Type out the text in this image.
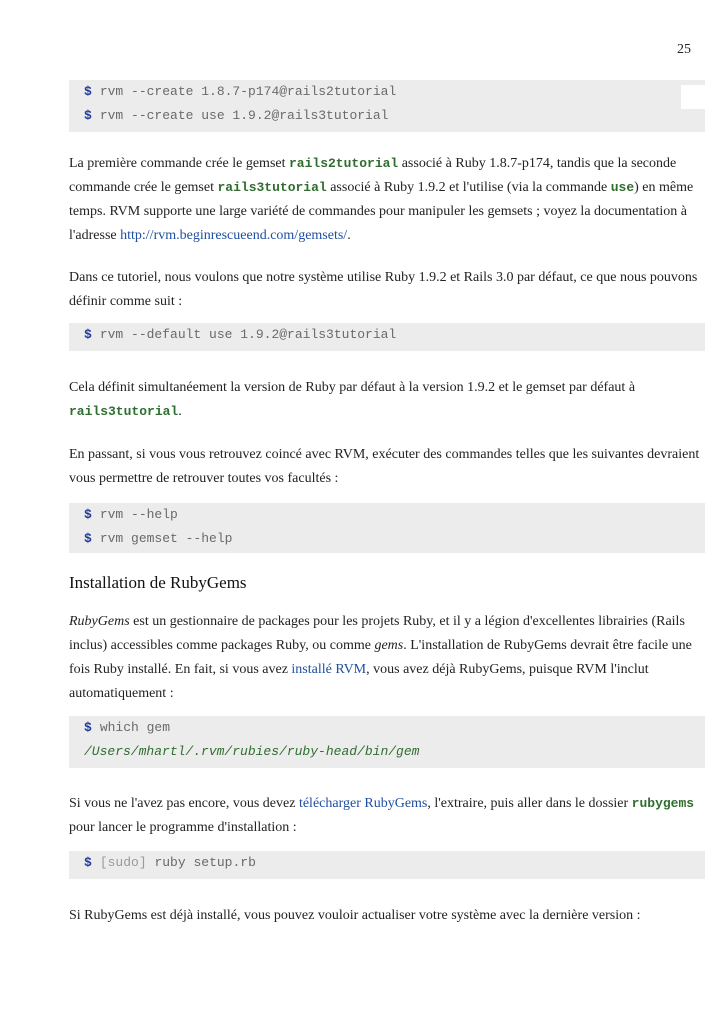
25
$ rvm --create 1.8.7-p174@rails2tutorial
$ rvm --create use 1.9.2@rails3tutorial
La première commande crée le gemset rails2tutorial associé à Ruby 1.8.7-p174, tandis que la seconde commande crée le gemset rails3tutorial associé à Ruby 1.9.2 et l'utilise (via la commande use) en même temps. RVM supporte une large variété de commandes pour manipuler les gemsets ; voyez la documentation à l'adresse http://rvm.beginrescueend.com/gemsets/.
Dans ce tutoriel, nous voulons que notre système utilise Ruby 1.9.2 et Rails 3.0 par défaut, ce que nous pouvons définir comme suit :
$ rvm --default use 1.9.2@rails3tutorial
Cela définit simultanéement la version de Ruby par défaut à la version 1.9.2 et le gemset par défaut à
rails3tutorial.
En passant, si vous vous retrouvez coincé avec RVM, exécuter des commandes telles que les suivantes devraient vous permettre de retrouver toutes vos facultés :
$ rvm --help
$ rvm gemset --help
Installation de RubyGems
RubyGems est un gestionnaire de packages pour les projets Ruby, et il y a légion d'excellentes librairies (Rails inclus) accessibles comme packages Ruby, ou comme gems. L'installation de RubyGems devrait être facile une fois Ruby installé. En fait, si vous avez installé RVM, vous avez déjà RubyGems, puisque RVM l'inclut automatiquement :
$ which gem
/Users/mhartl/.rvm/rubies/ruby-head/bin/gem
Si vous ne l'avez pas encore, vous devez télécharger RubyGems, l'extraire, puis aller dans le dossier rubygems pour lancer le programme d'installation :
$ [sudo] ruby setup.rb
Si RubyGems est déjà installé, vous pouvez vouloir actualiser votre système avec la dernière version :
